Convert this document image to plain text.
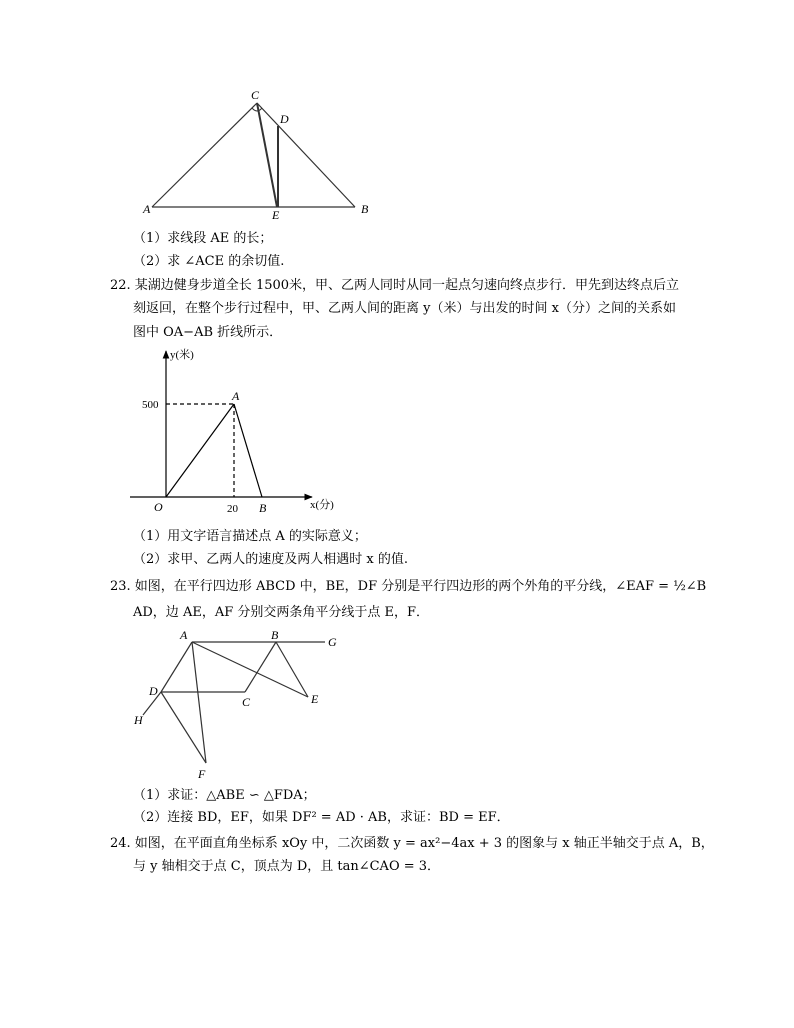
C
D
A	E	B
（1）求线段 AE 的长；
（2）求 ∠ACE 的余切值.
22. 某湖边健身步道全长 1500米，甲、乙两人同时从同一起点匀速向终点步行．甲先到达终点后立
刻返回，在整个步行过程中，甲、乙两人间的距离 y（米）与出发的时间 x（分）之间的关系如
图中 OA−AB 折线所示．
y(米)
500
A
O	20 B	x(分)
（1）用文字语言描述点 A 的实际意义；
（2）求甲、乙两人的速度及两人相遇时 x 的值.
23. 如图，在平行四边形 ABCD 中，BE，DF 分别是平行四边形的两个外角的平分线，∠EAF = ½∠B
AD，边 AE，AF 分别交两条角平分线于点 E，F．
A	B	G
D
C	E
H
F
（1）求证：△ABE ∽ △FDA；
（2）连接 BD，EF，如果 DF² = AD · AB，求证：BD = EF．
24. 如图，在平面直角坐标系 xOy 中，二次函数 y = ax²−4ax + 3 的图象与 x 轴正半轴交于点 A，B，
与 y 轴相交于点 C，顶点为 D，且 tan∠CAO = 3．
